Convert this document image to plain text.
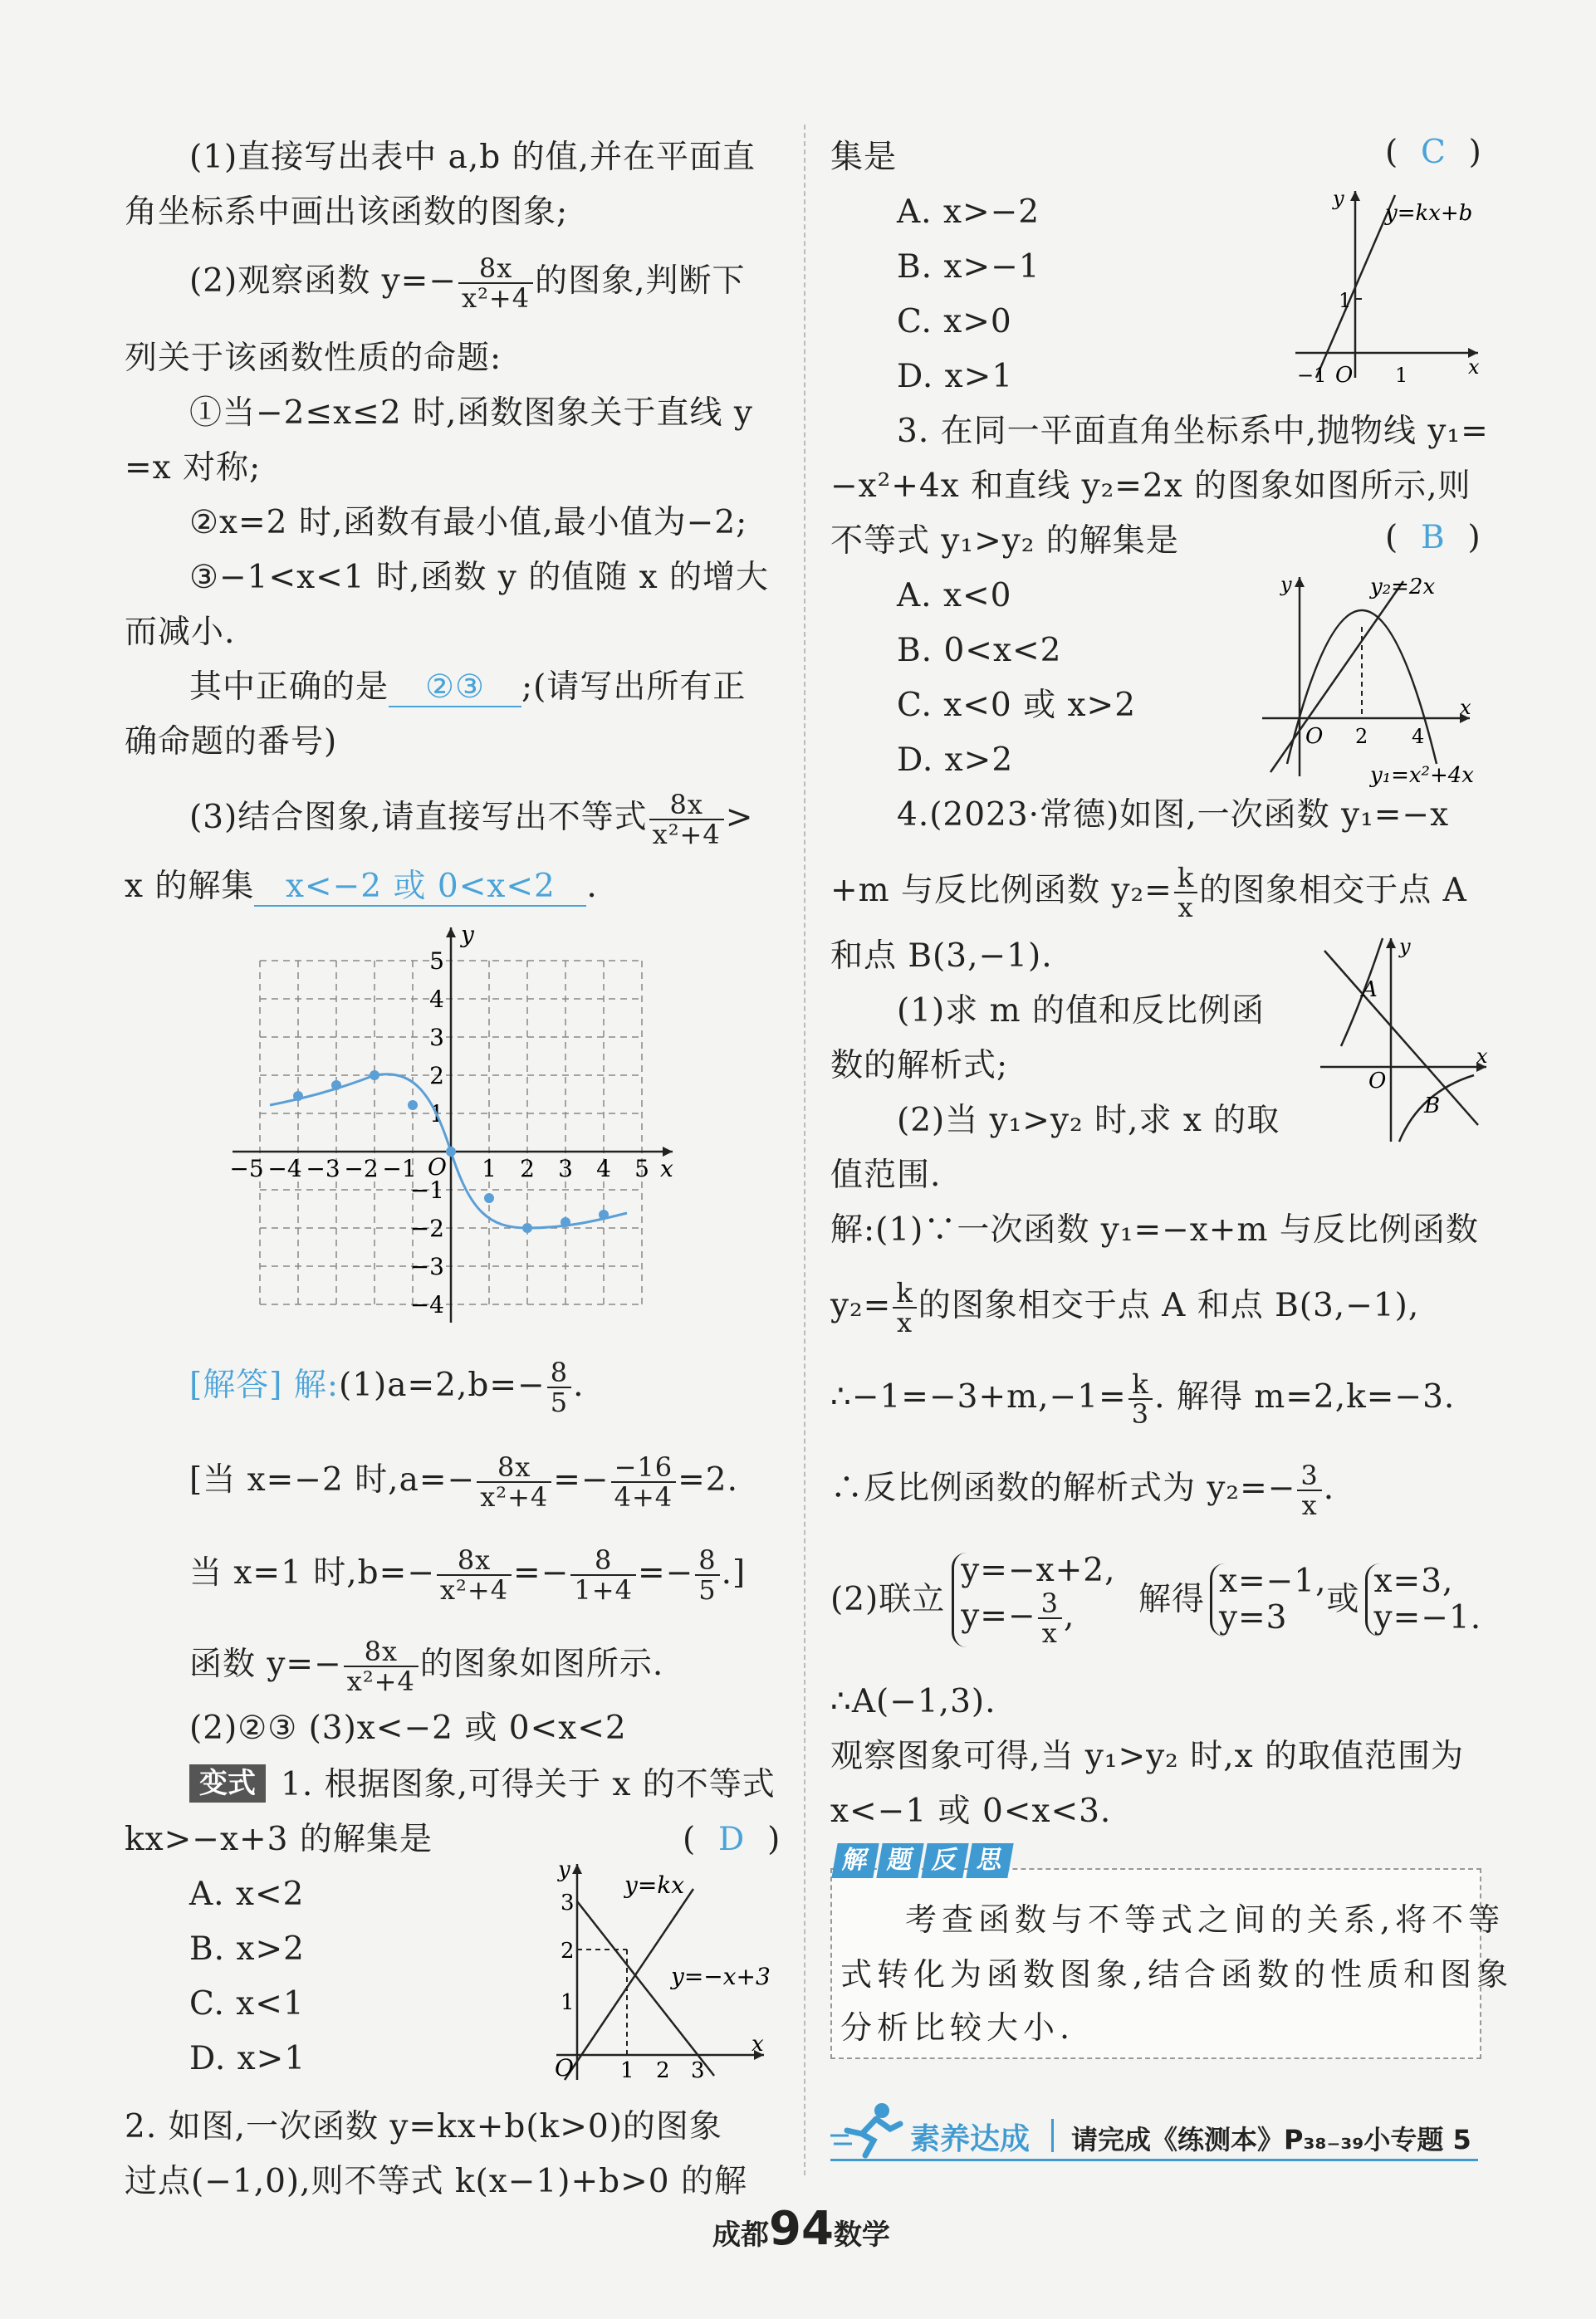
(1)直接写出表中 a,b 的值,并在平面直
角坐标系中画出该函数的图象;
(2)观察函数 $y=- \frac{8x}{\text{x²+4}}$ 的图象,判断下
列关于该函数性质的命题:
①当−2≤x≤2 时,函数图象关于直线 y
=x 对称;
②x=2 时,函数有最小值,最小值为−2;
③−1<x<1 时,函数 y 的值随 x 的增大
而减小.
其中正确的是 ②③ ;(请写出所有正
确命题的番号)
(3)结合图象,请直接写出不等式 $\frac{8x}{\text{x²+4}}$ >
x 的解集 x<−2 或 0<x<2 .
x
y
O
−5 −4 −3 −2 −1	1 2 3 4 5
5
4
3
2
1
−1
−2
−3
−4
[解答] 解:(1)a=2,b=− $\frac{8}{5}$ .
[当 x=−2 时$,a=- \frac{8x}{\text{x²+4}} =- \frac{-16}{4+4} =2$.
当 x=1 时$,b=- \frac{8x}{\text{x²+4}} =- \frac{8}{1+4} =- \frac{8}{5}$ .]
函数 $y=- \frac{8x}{\text{x²+4}}$ 的图象如图所示.
(2)②③ (3)x<−2 或 0<x<2
变式 1. 根据图象,可得关于 x 的不等式
kx>−x+3 的解集是	( D )
A. x<2
B. x>2
C. x<1
D. x>1
y=kx
y=−x+3
O
x
y
1 2 3
1
2
3
2. 如图,一次函数 y=kx+b(k>0)的图象
过点(−1,0),则不等式 k(x−1)+b>0 的解
集是	( C )
A. x>−2
B. x>−1
C. x>0
D. x>1
y=kx+b
O	x
y
−1	1
1
3. 在同一平面直角坐标系中,抛物线 y₁=
−x²+4x 和直线 y₂=2x 的图象如图所示,则
不等式 y₁>y₂ 的解集是	( B )
A. x<0
B. 0<x<2
C. x<0 或 x>2
D. x>2
y₂=2x
y₁=x²+4x
O
x
y
2 4
4.(2023·常德)如图,一次函数 y₁=−x
+m 与反比例函数 $y_2= \frac{k}{x}$ 的图象相交于点 A
和点 B(3,−1).
(1)求 m 的值和反比例函
数的解析式;
(2)当 y₁>y₂ 时,求 x 的取
值范围.
A
B
O
x
y
解:(1)∵一次函数 y₁=−x+m 与反比例函数
$y_2= \frac{k}{x}$ 的图象相交于点 A 和点 B(3,−1),
∴−1=−3+m,−1= $\frac{k}{3}$ . 解得 m=2,k=−3.
∴反比例函数的解析式为 $y_2=- \frac{3}{x}$ .
(2)联立
y=−x+2,
$y=- \frac{3}{x}$ ,	解得 x=−1,
y=3	或 x=3,
y=−1.
∴A(−1,3).
观察图象可得,当 y₁>y₂ 时,x 的取值范围为
x<−1 或 0<x<3.
解 题 反 思
考查函数与不等式之间的关系,将不等
式转化为函数图象,结合函数的性质和图象
分析比较大小.
素养达成 请完成《练测本》P₃₈₋₃₉小专题 5
成都94数学
